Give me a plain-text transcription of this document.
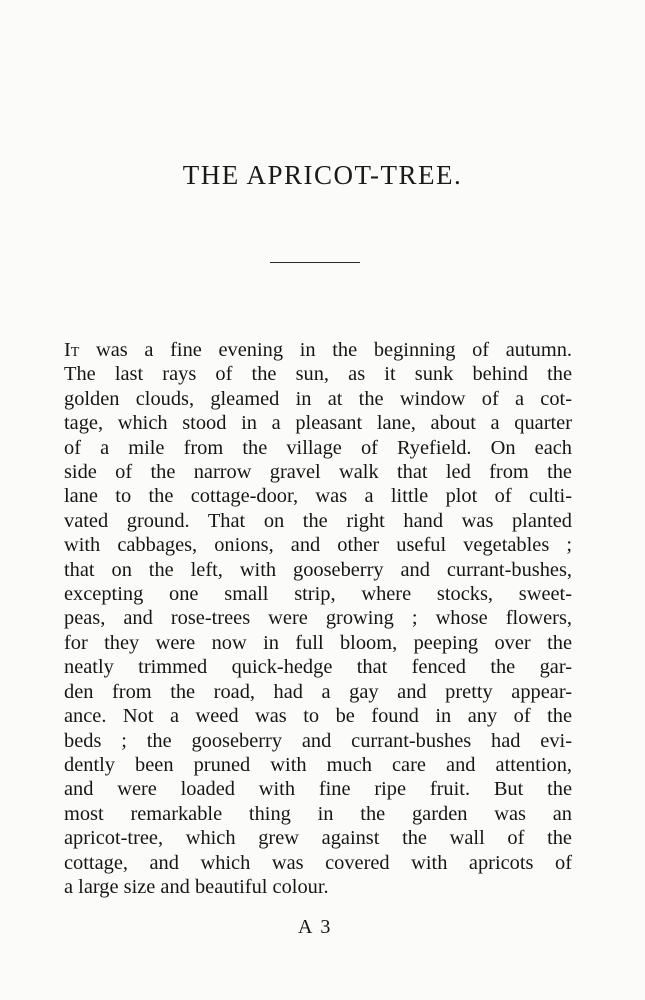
THE APRICOT-TREE.
It was a fine evening in the beginning of autumn.
The last rays of the sun, as it sunk behind the
golden clouds, gleamed in at the window of a cot-
tage, which stood in a pleasant lane, about a quarter
of a mile from the village of Ryefield. On each
side of the narrow gravel walk that led from the
lane to the cottage-door, was a little plot of culti-
vated ground. That on the right hand was planted
with cabbages, onions, and other useful vegetables ;
that on the left, with gooseberry and currant-bushes,
excepting one small strip, where stocks, sweet-
peas, and rose-trees were growing ; whose flowers,
for they were now in full bloom, peeping over the
neatly trimmed quick-hedge that fenced the gar-
den from the road, had a gay and pretty appear-
ance. Not a weed was to be found in any of the
beds ; the gooseberry and currant-bushes had evi-
dently been pruned with much care and attention,
and were loaded with fine ripe fruit. But the
most remarkable thing in the garden was an
apricot-tree, which grew against the wall of the
cottage, and which was covered with apricots of
a large size and beautiful colour.
A 3
